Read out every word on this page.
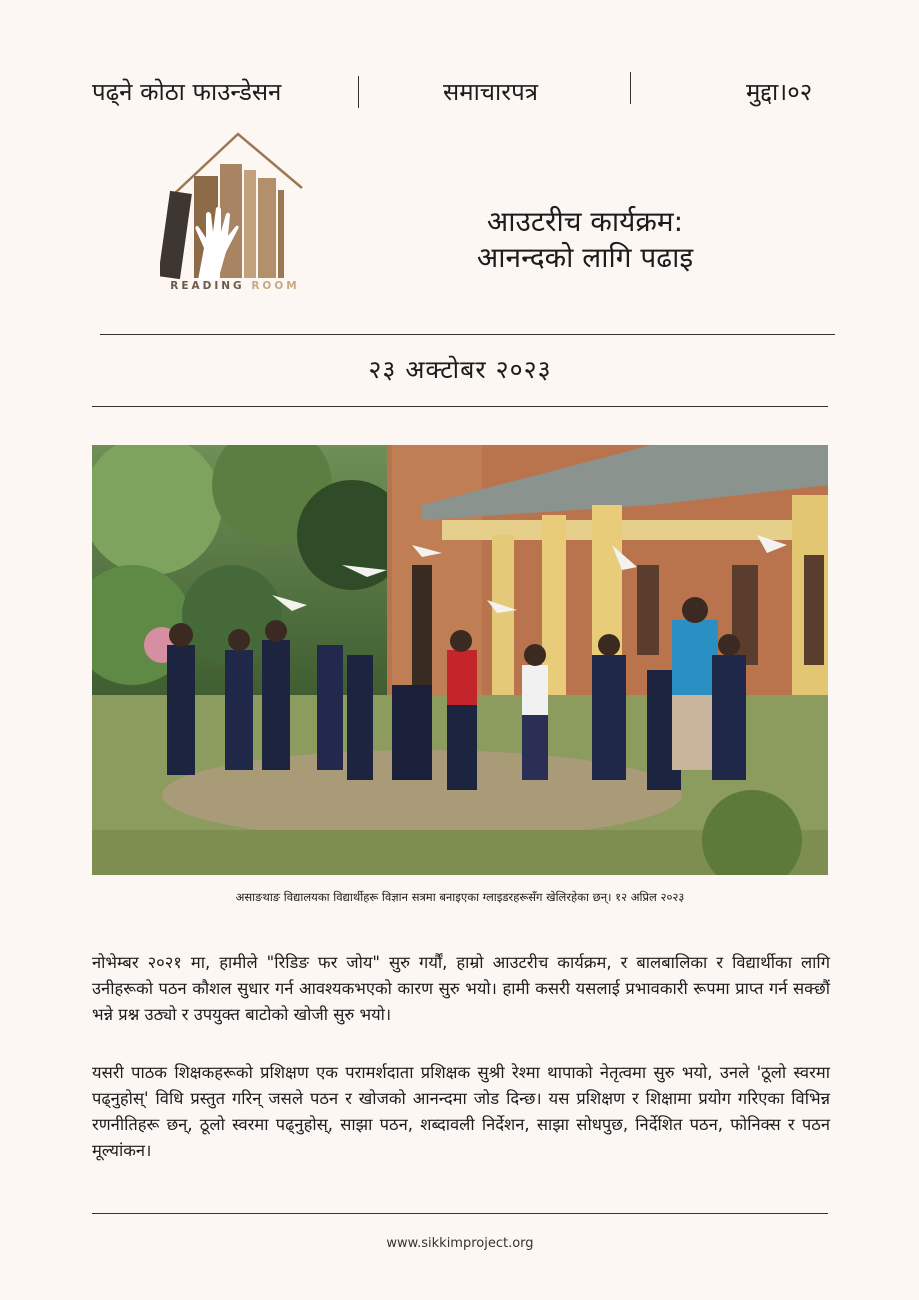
पढ्ने कोठा फाउन्डेसन	समाचारपत्र	मुद्दा।०२
READING ROOM
आउटरीच कार्यक्रम:
आनन्दको लागि पढाइ
२३ अक्टोबर २०२३
असाङथाङ विद्यालयका विद्यार्थीहरू विज्ञान सत्रमा बनाइएका ग्लाइडरहरूसँग खेलिरहेका छन्। १२ अप्रिल २०२३
नोभेम्बर २०२१ मा, हामीले "रिडिङ फर जोय" सुरु गर्यौं, हाम्रो आउटरीच कार्यक्रम, र बालबालिका र विद्यार्थीका लागि उनीहरूको पठन कौशल सुधार गर्न आवश्यकभएको कारण सुरु भयो। हामी कसरी यसलाई प्रभावकारी रूपमा प्राप्त गर्न सक्छौं भन्ने प्रश्न उठ्यो र उपयुक्त बाटोको खोजी सुरु भयो।
यसरी पाठक शिक्षकहरूको प्रशिक्षण एक परामर्शदाता प्रशिक्षक सुश्री रेश्मा थापाको नेतृत्वमा सुरु भयो, उनले 'ठूलो स्वरमा पढ्नुहोस्' विधि प्रस्तुत गरिन् जसले पठन र खोजको आनन्दमा जोड दिन्छ। यस प्रशिक्षण र शिक्षामा प्रयोग गरिएका विभिन्न रणनीतिहरू छन्, ठूलो स्वरमा पढ्नुहोस्, साझा पठन, शब्दावली निर्देशन, साझा सोधपुछ, निर्देशित पठन, फोनिक्स र पठन मूल्यांकन।
www.sikkimproject.org
